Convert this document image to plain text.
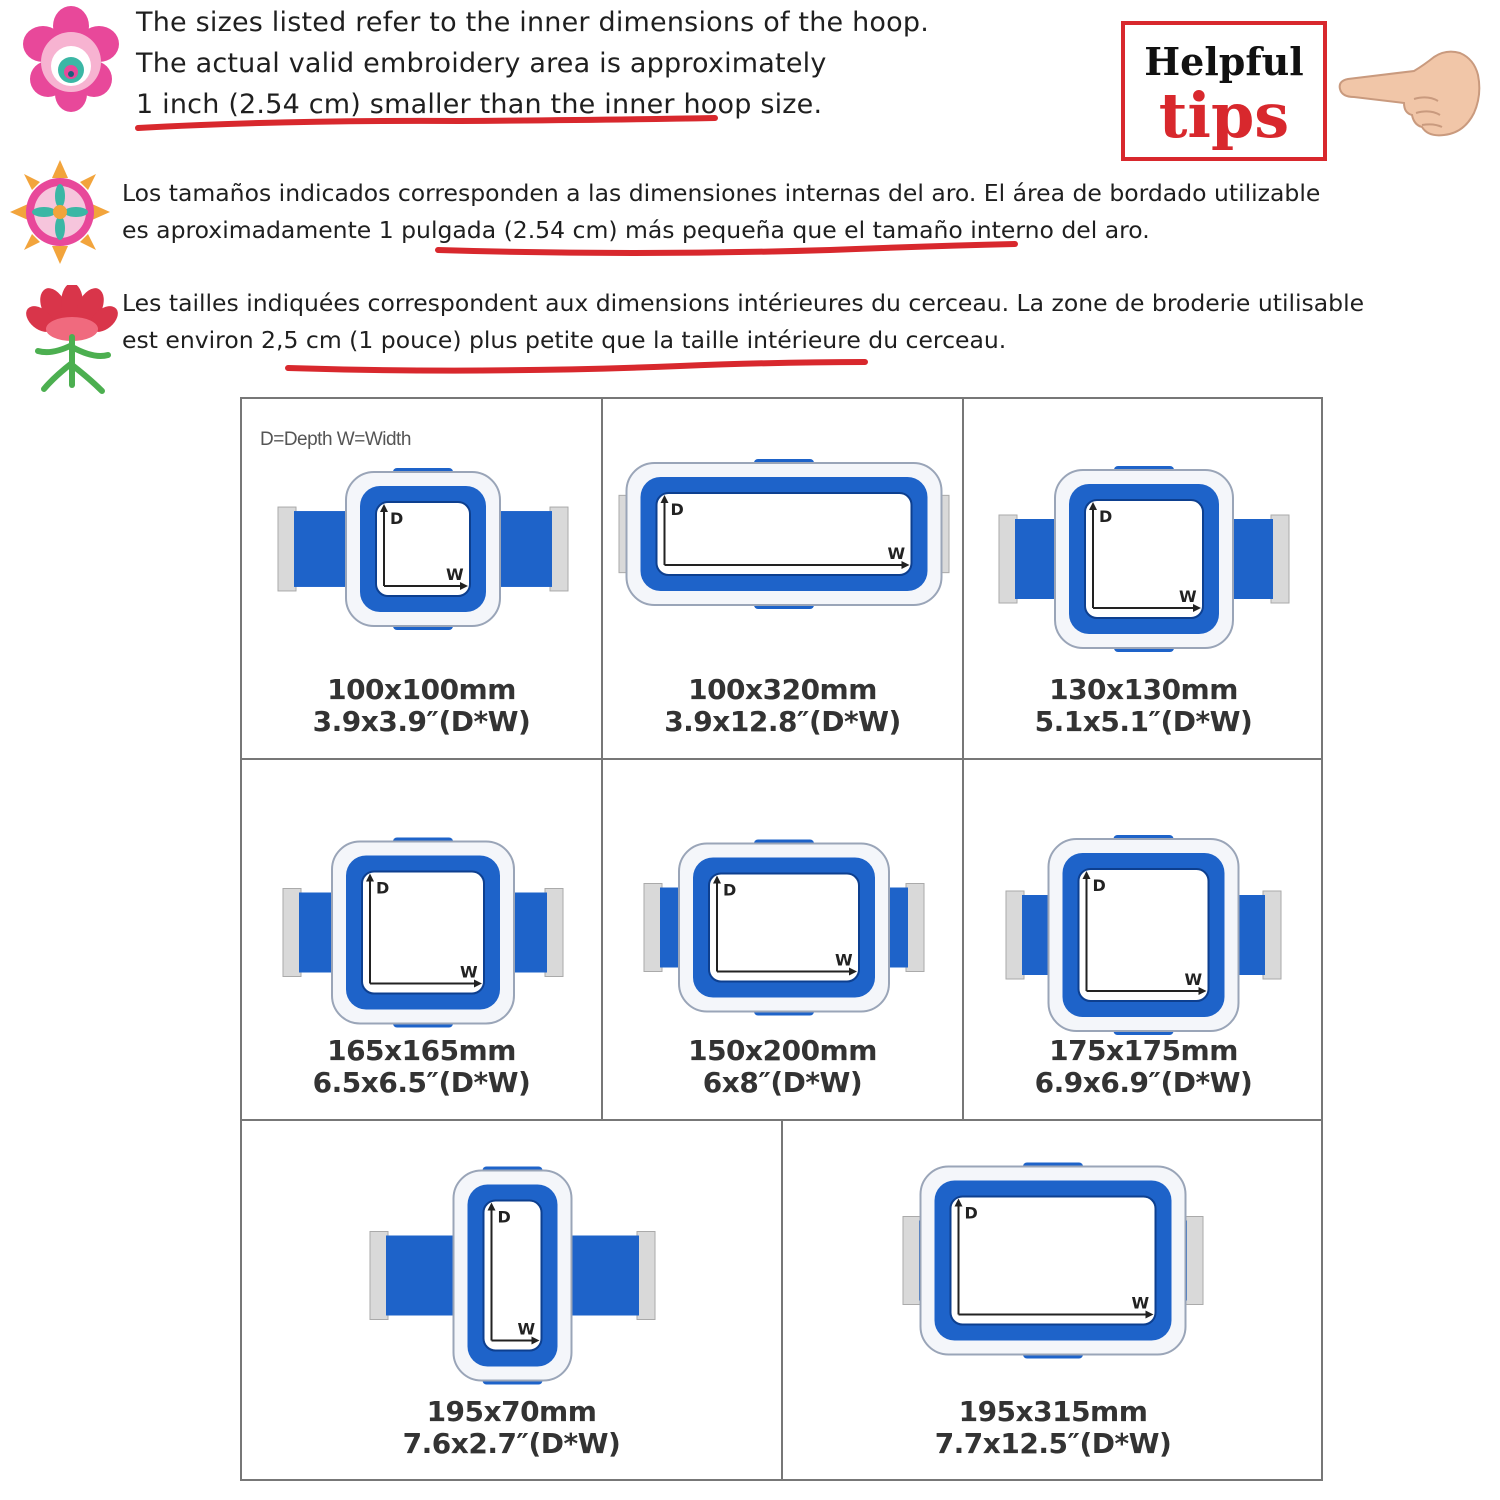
The sizes listed refer to the inner dimensions of the hoop.
The actual valid embroidery area is approximately
1 inch (2.54 cm) smaller than the inner hoop size.
Los tamaños indicados corresponden a las dimensiones internas del aro. El área de bordado utilizable
es aproximadamente 1 pulgada (2.54 cm) más pequeña que el tamaño interno del aro.
Les tailles indiquées correspondent aux dimensions intérieures du cerceau. La zone de broderie utilisable
est environ 2,5 cm (1 pouce) plus petite que la taille intérieure du cerceau.
Helpful
tips
D
W
100x100mm
3.9x3.9″(D*W)
D
W
100x320mm
3.9x12.8″(D*W)
D
W
130x130mm
5.1x5.1″(D*W)
D
W
165x165mm
6.5x6.5″(D*W)
D
W
150x200mm
6x8″(D*W)
D
W
175x175mm
6.9x6.9″(D*W)
D
W
195x70mm
7.6x2.7″(D*W)
D
W
195x315mm
7.7x12.5″(D*W)
D=Depth W=Width
